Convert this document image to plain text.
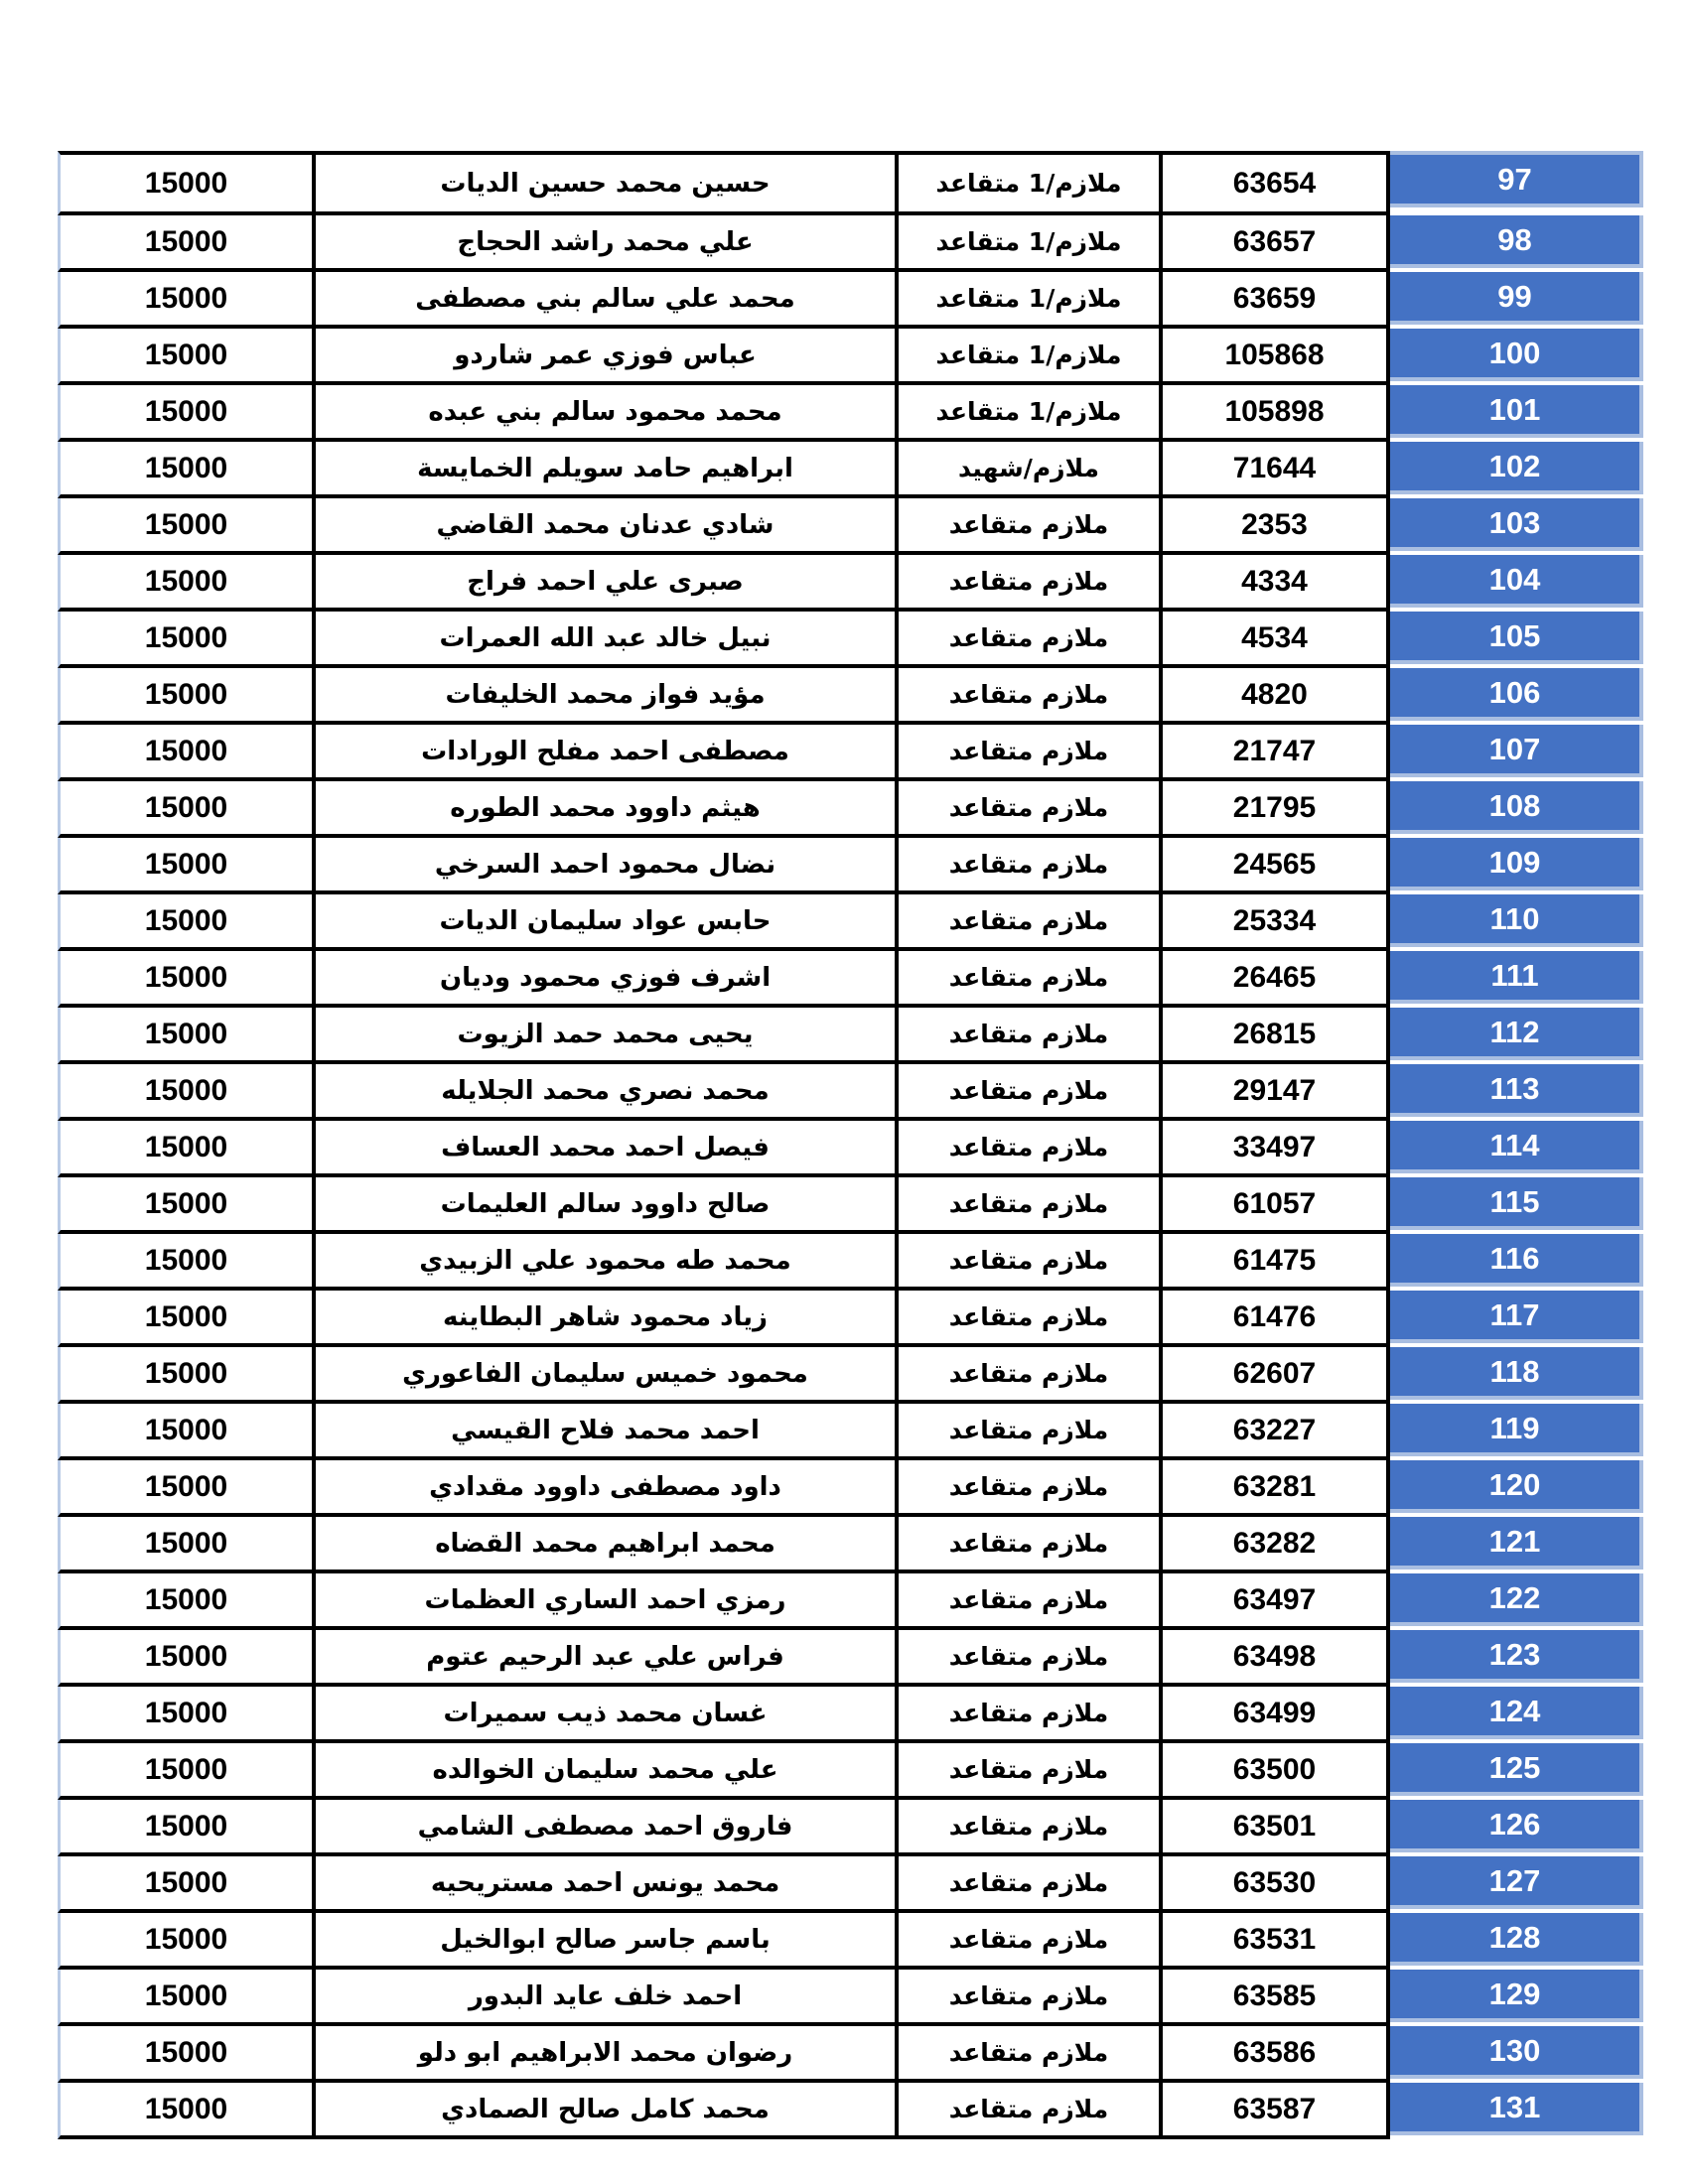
15000	حسين محمد حسين الديات	ملازم/1 متقاعد	63654	97
15000	علي محمد راشد الحجاج	ملازم/1 متقاعد	63657	98
15000	محمد علي سالم بني مصطفى	ملازم/1 متقاعد	63659	99
15000	عباس فوزي عمر شاردو	ملازم/1 متقاعد	105868	100
15000	محمد محمود سالم بني عبده	ملازم/1 متقاعد	105898	101
15000	ابراهيم حامد سويلم الخمايسة	ملازم/شهيد	71644	102
15000	شادي عدنان محمد القاضي	ملازم متقاعد	2353	103
15000	صبرى علي احمد فراج	ملازم متقاعد	4334	104
15000	نبيل خالد عبد الله العمرات	ملازم متقاعد	4534	105
15000	مؤيد فواز محمد الخليفات	ملازم متقاعد	4820	106
15000	مصطفى احمد مفلح الورادات	ملازم متقاعد	21747	107
15000	هيثم داوود محمد الطوره	ملازم متقاعد	21795	108
15000	نضال محمود احمد السرخي	ملازم متقاعد	24565	109
15000	حابس عواد سليمان الديات	ملازم متقاعد	25334	110
15000	اشرف فوزي محمود وديان	ملازم متقاعد	26465	111
15000	يحيى محمد حمد الزيوت	ملازم متقاعد	26815	112
15000	محمد نصري محمد الجلايله	ملازم متقاعد	29147	113
15000	فيصل احمد محمد العساف	ملازم متقاعد	33497	114
15000	صالح داوود سالم العليمات	ملازم متقاعد	61057	115
15000	محمد طه محمود علي الزبيدي	ملازم متقاعد	61475	116
15000	زياد محمود شاهر البطاينه	ملازم متقاعد	61476	117
15000	محمود خميس سليمان الفاعوري	ملازم متقاعد	62607	118
15000	احمد محمد فلاح القيسي	ملازم متقاعد	63227	119
15000	داود مصطفى داوود مقدادي	ملازم متقاعد	63281	120
15000	محمد ابراهيم محمد القضاه	ملازم متقاعد	63282	121
15000	رمزي احمد الساري العظمات	ملازم متقاعد	63497	122
15000	فراس علي عبد الرحيم عتوم	ملازم متقاعد	63498	123
15000	غسان محمد ذيب سميرات	ملازم متقاعد	63499	124
15000	علي محمد سليمان الخوالده	ملازم متقاعد	63500	125
15000	فاروق احمد مصطفى الشامي	ملازم متقاعد	63501	126
15000	محمد يونس احمد مستريحيه	ملازم متقاعد	63530	127
15000	باسم جاسر صالح ابوالخيل	ملازم متقاعد	63531	128
15000	احمد خلف عايد البدور	ملازم متقاعد	63585	129
15000	رضوان محمد الابراهيم ابو دلو	ملازم متقاعد	63586	130
15000	محمد كامل صالح الصمادي	ملازم متقاعد	63587	131
